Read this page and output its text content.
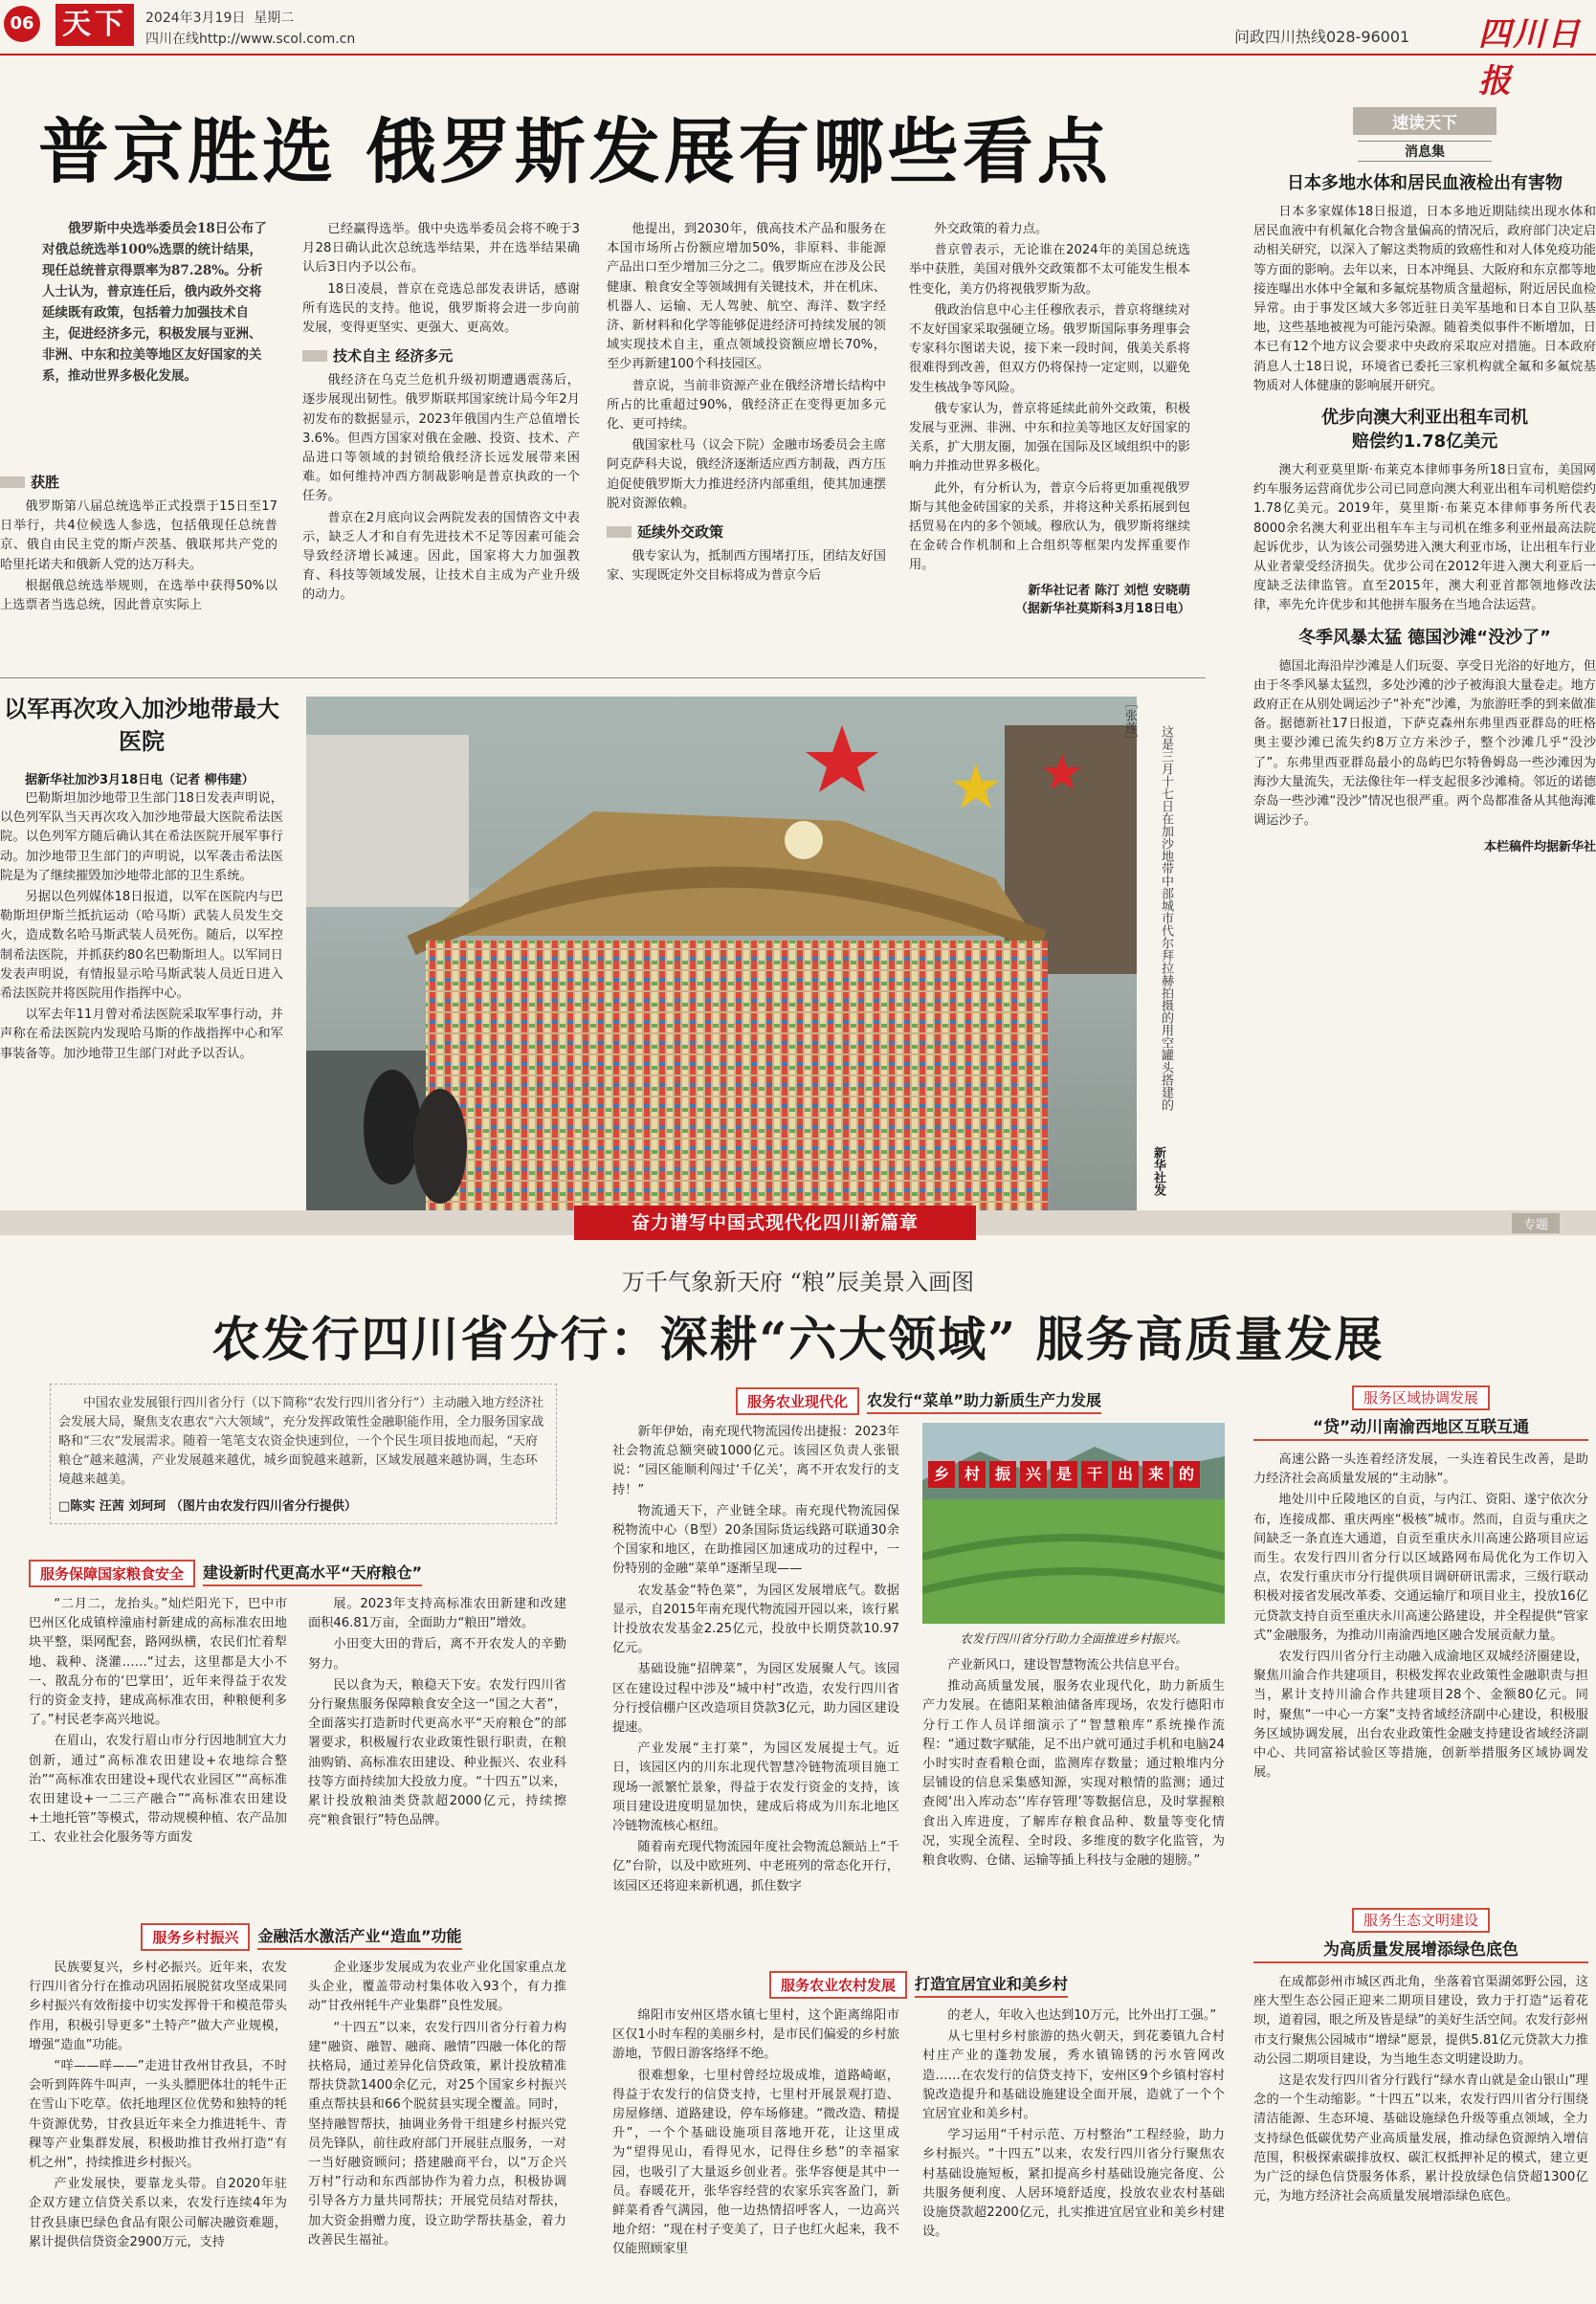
06 天下	2024年3月19日 星期二
四川在线http://www.scol.com.cn	问政四川热线028-96001 四川日报
普京胜选 俄罗斯发展有哪些看点
俄罗斯中央选举委员会18日公布了对俄总统选举100%选票的统计结果，现任总统普京得票率为87.28%。分析人士认为，普京连任后，俄内政外交将延续既有政策，包括着力加强技术自主，促进经济多元，积极发展与亚洲、非洲、中东和拉美等地区友好国家的关系，推动世界多极化发展。
获胜

俄罗斯第八届总统选举正式投票于15日至17日举行，共4位候选人参选，包括俄现任总统普京、俄自由民主党的斯卢茨基、俄联邦共产党的哈里托诺夫和俄新人党的达万科夫。

根据俄总统选举规则，在选举中获得50%以上选票者当选总统，因此普京实际上

已经赢得选举。俄中央选举委员会将不晚于3月28日确认此次总统选举结果，并在选举结果确认后3日内予以公布。

18日凌晨，普京在竞选总部发表讲话，感谢所有选民的支持。他说，俄罗斯将会进一步向前发展，变得更坚实、更强大、更高效。

技术自主 经济多元

俄经济在乌克兰危机升级初期遭遇震荡后，逐步展现出韧性。俄罗斯联邦国家统计局今年2月初发布的数据显示，2023年俄国内生产总值增长3.6%。但西方国家对俄在金融、投资、技术、产品进口等领域的封锁给俄经济长远发展带来困难。如何维持冲西方制裁影响是普京执政的一个任务。

普京在2月底向议会两院发表的国情咨文中表示，缺乏人才和自有先进技术不足等因素可能会导致经济增长减速。因此，国家将大力加强教育、科技等领域发展，让技术自主成为产业升级的动力。

他提出，到2030年，俄高技术产品和服务在本国市场所占份额应增加50%，非原料、非能源产品出口至少增加三分之二。俄罗斯应在涉及公民健康、粮食安全等领域拥有关键技术，并在机床、机器人、运输、无人驾驶、航空、海洋、数字经济、新材料和化学等能够促进经济可持续发展的领域实现技术自主，重点领域投资额应增长70%，至少再新建100个科技园区。

普京说，当前非资源产业在俄经济增长结构中所占的比重超过90%，俄经济正在变得更加多元化、更可持续。

俄国家杜马（议会下院）金融市场委员会主席阿克萨科夫说，俄经济逐渐适应西方制裁，西方压迫促使俄罗斯大力推进经济内部重组，使其加速摆脱对资源依赖。

延续外交政策

俄专家认为，抵制西方围堵打压，团结友好国家、实现既定外交目标将成为普京今后

外交政策的着力点。

普京曾表示，无论谁在2024年的美国总统选举中获胜，美国对俄外交政策都不太可能发生根本性变化，美方仍将视俄罗斯为敌。

俄政治信息中心主任穆欣表示，普京将继续对不友好国家采取强硬立场。俄罗斯国际事务理事会专家科尔图诺夫说，接下来一段时间，俄美关系将很难得到改善，但双方仍将保持一定定则，以避免发生核战争等风险。

俄专家认为，普京将延续此前外交政策，积极发展与亚洲、非洲、中东和拉美等地区友好国家的关系，扩大朋友圈，加强在国际及区域组织中的影响力并推动世界多极化。

此外，有分析认为，普京今后将更加重视俄罗斯与其他金砖国家的关系，并将这种关系拓展到包括贸易在内的多个领域。穆欣认为，俄罗斯将继续在金砖合作机制和上合组织等框架内发挥重要作用。

新华社记者 陈汀 刘恺 安晓萌
（据新华社莫斯科3月18日电）
以军再次攻入加沙地带最大医院
据新华社加沙3月18日电（记者 柳伟建）

巴勒斯坦加沙地带卫生部门18日发表声明说，以色列军队当天再次攻入加沙地带最大医院希法医院。以色列军方随后确认其在希法医院开展军事行动。加沙地带卫生部门的声明说，以军袭击希法医院是为了继续摧毁加沙地带北部的卫生系统。

另据以色列媒体18日报道，以军在医院内与巴勒斯坦伊斯兰抵抗运动（哈马斯）武装人员发生交火，造成数名哈马斯武装人员死伤。随后，以军控制希法医院，并抓获约80名巴勒斯坦人。以军同日发表声明说，有情报显示哈马斯武装人员近日进入希法医院并将医院用作指挥中心。

以军去年11月曾对希法医院采取军事行动，并声称在希法医院内发现哈马斯的作战指挥中心和军事装备等。加沙地带卫生部门对此予以否认。	这是三月十七日在加沙地带中部城市代尔拜拉赫拍摄的用空罐头搭建的
［张莲］
新华社发
速读天下
消息集
日本多地水体和居民血液检出有害物

日本多家媒体18日报道，日本多地近期陆续出现水体和居民血液中有机氟化合物含量偏高的情况后，政府部门决定启动相关研究，以深入了解这类物质的致癌性和对人体免疫功能等方面的影响。去年以来，日本冲绳县、大阪府和东京都等地接连曝出水体中全氟和多氟烷基物质含量超标，附近居民血检异常。由于事发区域大多邻近驻日美军基地和日本自卫队基地，这些基地被视为可能污染源。随着类似事件不断增加，日本已有12个地方议会要求中央政府采取应对措施。日本政府消息人士18日说，环境省已委托三家机构就全氟和多氟烷基物质对人体健康的影响展开研究。

优步向澳大利亚出租车司机赔偿约1.78亿美元

澳大利亚莫里斯·布莱克本律师事务所18日宣布，美国网约车服务运营商优步公司已同意向澳大利亚出租车司机赔偿约1.78亿美元。2019年，莫里斯·布莱克本律师事务所代表8000余名澳大利亚出租车车主与司机在维多利亚州最高法院起诉优步，认为该公司强势进入澳大利亚市场，让出租车行业从业者蒙受经济损失。优步公司在2012年进入澳大利亚后一度缺乏法律监管。直至2015年，澳大利亚首都领地修改法律，率先允许优步和其他拼车服务在当地合法运营。

冬季风暴太猛 德国沙滩“没沙了”

德国北海沿岸沙滩是人们玩耍、享受日光浴的好地方，但由于冬季风暴太猛烈，多处沙滩的沙子被海浪大量卷走。地方政府正在从别处调运沙子“补充”沙滩，为旅游旺季的到来做准备。据德新社17日报道，下萨克森州东弗里西亚群岛的旺格奥主要沙滩已流失约8万立方米沙子，整个沙滩几乎“没沙了”。东弗里西亚群岛最小的岛屿巴尔特鲁姆岛一些沙滩因为海沙大量流失，无法像往年一样支起很多沙滩椅。邻近的诺德奈岛一些沙滩“没沙”情况也很严重。两个岛都准备从其他海滩调运沙子。

本栏稿件均据新华社
奋力谱写中国式现代化四川新篇章	专题
万千气象新天府 “粮”辰美景入画图
农发行四川省分行：深耕“六大领域” 服务高质量发展

中国农业发展银行四川省分行（以下简称“农发行四川省分行”）主动融入地方经济社会发展大局，聚焦支农惠农“六大领域”，充分发挥政策性金融职能作用，全力服务国家战略和“三农”发展需求。随着一笔笔支农资金快速到位，一个个民生项目拔地而起，“天府粮仓”越来越满，产业发展越来越优，城乡面貌越来越新，区域发展越来越协调，生态环境越来越美。

□陈实 汪茜 刘珂珂 （图片由农发行四川省分行提供）
服务保障国家粮食安全	建设新时代更高水平“天府粮仓”

“二月二，龙抬头。”灿烂阳光下，巴中市巴州区化成镇梓潼庙村新建成的高标准农田地块平整，渠网配套，路网纵横，农民们忙着犁地、栽种、浇灌……“过去，这里都是大小不一、散乱分布的‘巴掌田’，近年来得益于农发行的资金支持，建成高标准农田，种粮便利多了。”村民老李高兴地说。

在眉山，农发行眉山市分行因地制宜大力创新，通过“高标准农田建设+农地综合整治”“高标准农田建设+现代农业园区”“高标准农田建设+一二三产融合”“高标准农田建设+土地托管”等模式，带动规模种植、农产品加工、农业社会化服务等方面发

展。2023年支持高标准农田新建和改建面积46.81万亩，全面助力“粮田”增效。

小田变大田的背后，离不开农发人的辛勤努力。

民以食为天，粮稳天下安。农发行四川省分行聚焦服务保障粮食安全这一“国之大者”，全面落实打造新时代更高水平“天府粮仓”的部署要求，积极履行农业政策性银行职责，在粮油购销、高标准农田建设、种业振兴、农业科技等方面持续加大投放力度。“十四五”以来，累计投放粮油类贷款超2000亿元，持续擦亮“粮食银行”特色品牌。

服务乡村振兴	金融活水激活产业“造血”功能

民族要复兴，乡村必振兴。近年来，农发行四川省分行在推动巩固拓展脱贫攻坚成果同乡村振兴有效衔接中切实发挥骨干和模范带头作用，积极引导更多“土特产”做大产业规模，增强“造血”功能。

“咩——咩——”走进甘孜州甘孜县，不时会听到阵阵牛叫声，一头头膘肥体壮的牦牛正在雪山下吃草。依托地理区位优势和独特的牦牛资源优势，甘孜县近年来全力推进牦牛、青稞等产业集群发展，积极助推甘孜州打造“有机之州”，持续推进乡村振兴。

产业发展快，要靠龙头带。自2020年驻企双方建立信贷关系以来，农发行连续4年为甘孜县康巴绿色食品有限公司解决融资难题，累计提供信贷资金2900万元，支持

企业逐步发展成为农业产业化国家重点龙头企业，覆盖带动村集体收入93个，有力推动“甘孜州牦牛产业集群”良性发展。

“十四五”以来，农发行四川省分行着力构建“融资、融智、融商、融情”四融一体化的帮扶格局，通过差异化信贷政策，累计投放精准帮扶贷款1400余亿元，对25个国家乡村振兴重点帮扶县和66个脱贫县实现全覆盖。同时，坚持融智帮扶，抽调业务骨干组建乡村振兴党员先锋队，前往政府部门开展驻点服务，一对一当好融资顾问；搭建融商平台，以“万企兴万村”行动和东西部协作为着力点，积极协调引导各方力量共同帮扶；开展党员结对帮扶，加大资金捐赠力度，设立助学帮扶基金，着力改善民生福祉。

服务农业现代化	农发行“菜单”助力新质生产力发展

新年伊始，南充现代物流园传出捷报：2023年社会物流总额突破1000亿元。该园区负责人张银说：“园区能顺利闯过‘千亿关’，离不开农发行的支持！”

物流通天下，产业链全球。南充现代物流园保税物流中心（B型）20条国际货运线路可联通30余个国家和地区，在助推园区加速成功的过程中，一份特别的金融“菜单”逐渐呈现——

农发基金“特色菜”，为园区发展增底气。数据显示，自2015年南充现代物流园开园以来，该行累计投放农发基金2.25亿元，投放中长期贷款10.97亿元。

基础设施“招牌菜”，为园区发展聚人气。该园区在建设过程中涉及“城中村”改造，农发行四川省分行授信棚户区改造项目贷款3亿元，助力园区建设提速。

产业发展“主打菜”，为园区发展提士气。近日，该园区内的川东北现代智慧冷链物流项目施工现场一派繁忙景象，得益于农发行资金的支持，该项目建设进度明显加快，建成后将成为川东北地区冷链物流核心枢纽。

随着南充现代物流园年度社会物流总额站上“千亿”台阶，以及中欧班列、中老班列的常态化开行，该园区还将迎来新机遇，抓住数字

乡 村 振 兴 是 干 出 来 的
农发行四川省分行助力全面推进乡村振兴。

产业新风口，建设智慧物流公共信息平台。

推动高质量发展，服务农业现代化，助力新质生产力发展。在德阳某粮油储备库现场，农发行德阳市分行工作人员详细演示了“智慧粮库”系统操作流程：“通过数字赋能，足不出户就可通过手机和电脑24小时实时查看粮仓面，监测库存数量；通过粮堆内分层铺设的信息采集感知源，实现对粮情的监测；通过查阅‘出入库动态’‘库存管理’等数据信息，及时掌握粮食出入库进度，了解库存粮食品种、数量等变化情况，实现全流程、全时段、多维度的数字化监管，为粮食收购、仓储、运输等插上科技与金融的翅膀。”

服务农业农村发展	打造宜居宜业和美乡村

绵阳市安州区塔水镇七里村，这个距离绵阳市区仅1小时车程的美丽乡村，是市民们偏爱的乡村旅游地，节假日游客络绎不绝。

很难想象，七里村曾经垃圾成堆，道路崎岖，得益于农发行的信贷支持，七里村开展景观打造、房屋修缮、道路建设，停车场修建。“微改造、精提升”，一个个基础设施项目落地开花，让这里成为“望得见山，看得见水，记得住乡愁”的幸福家园，也吸引了大量返乡创业者。张华容便是其中一员。春暖花开，张华容经营的农家乐宾客盈门，新鲜菜肴香气满园，他一边热情招呼客人，一边高兴地介绍：“现在村子变美了，日子也红火起来，我不仅能照顾家里

的老人，年收入也达到10万元，比外出打工强。”

从七里村乡村旅游的热火朝天，到花萎镇九合村村庄产业的蓬勃发展，秀水镇锦锈的污水管网改造……在农发行的信贷支持下，安州区9个乡镇村容村貌改造提升和基础设施建设全面开展，造就了一个个宜居宜业和美乡村。

学习运用“千村示范、万村整治”工程经验，助力乡村振兴。“十四五”以来，农发行四川省分行聚焦农村基础设施短板，紧扣提高乡村基础设施完备度、公共服务便利度、人居环境舒适度，投放农业农村基础设施贷款超2200亿元，扎实推进宜居宜业和美乡村建设。

服务区域协调发展
“贷”动川南渝西地区互联互通

高速公路一头连着经济发展，一头连着民生改善，是助力经济社会高质量发展的“主动脉”。

地处川中丘陵地区的自贡，与内江、资阳、遂宁依次分布，连接成都、重庆两座“极核”城市。然而，自贡与重庆之间缺乏一条直连大通道，自贡至重庆永川高速公路项目应运而生。农发行四川省分行以区域路网布局优化为工作切入点，农发行重庆市分行提供项目调研研讯需求，三级行联动积极对接省发展改革委、交通运输厅和项目业主，投放16亿元贷款支持自贡至重庆永川高速公路建设，并全程提供“管家式”金融服务，为推动川南渝西地区融合发展贡献力量。

农发行四川省分行主动融入成渝地区双城经济圈建设，聚焦川渝合作共建项目，积极发挥农业政策性金融职责与担当，累计支持川渝合作共建项目28个、金额80亿元。同时，聚焦“一中心一方案”支持省域经济副中心建设，积极服务区域协调发展，出台农业政策性金融支持建设省域经济副中心、共同富裕试验区等措施，创新举措服务区域协调发展。

服务生态文明建设
为高质量发展增添绿色底色

在成都彭州市城区西北角，坐落着官渠湖郊野公园，这座大型生态公园正迎来二期项目建设，致力于打造“运着花坝，道着园，眼之所及皆是绿”的美好生活空间。农发行彭州市支行聚焦公园城市“增绿”愿景，提供5.81亿元贷款大力推动公园二期项目建设，为当地生态文明建设助力。

这是农发行四川省分行践行“绿水青山就是金山银山”理念的一个生动缩影。“十四五”以来，农发行四川省分行围绕清洁能源、生态环境、基础设施绿色升级等重点领域，全力支持绿色低碳优势产业高质量发展，推动绿色资源纳入增信范围，积极探索碳排放权、碳汇权抵押补足的模式，建立更为广泛的绿色信贷服务体系，累计投放绿色信贷超1300亿元，为地方经济社会高质量发展增添绿色底色。
